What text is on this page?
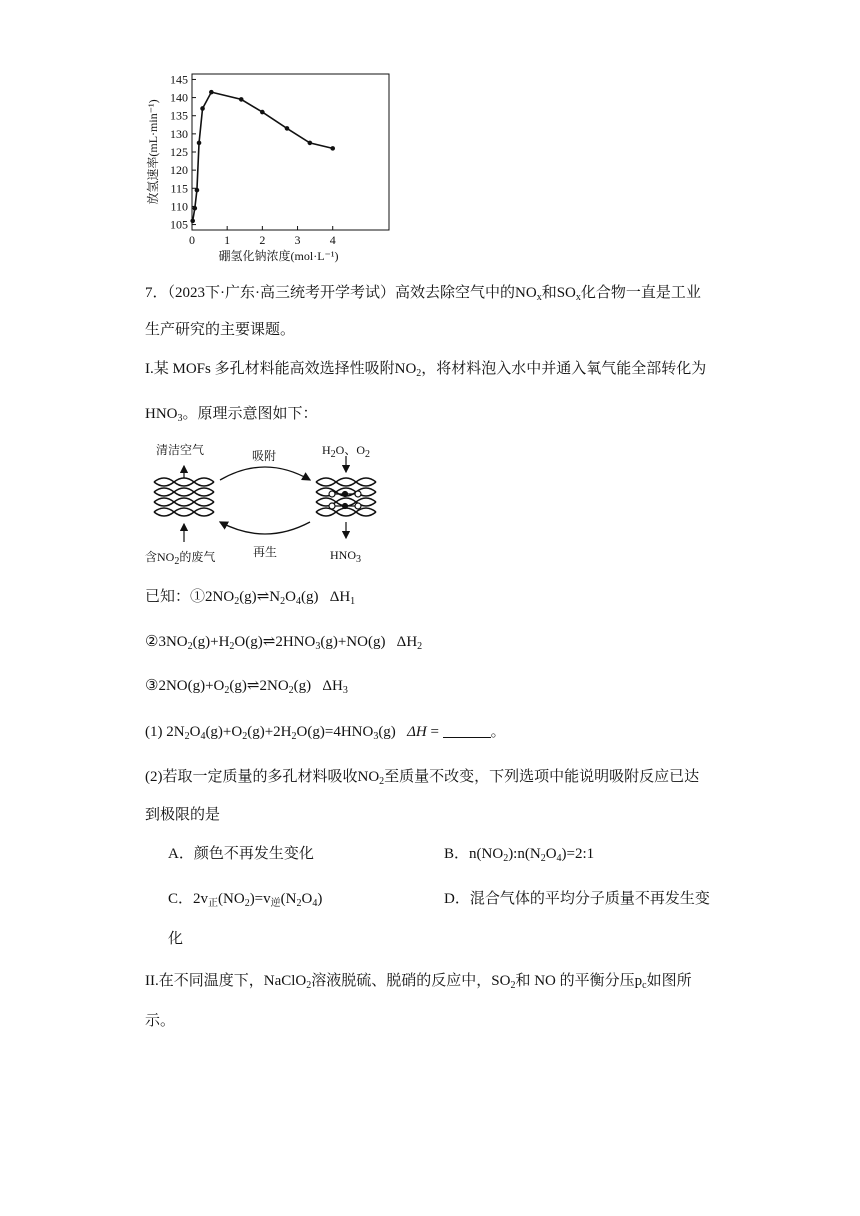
105
110
115
120
125
130
135
140
145
0 1 2 3 4
放氢速率(mL·min⁻¹)
硼氢化钠浓度(mol·L⁻¹)
7．（2023下·广东·高三统考开学考试）高效去除空气中的$NO_x$和$SO_x$化合物一直是工业
生产研究的主要课题。
I.某 MOFs 多孔材料能高效选择性吸附$NO_2$，将材料泡入水中并通入氧气能全部转化为
$HNO_3$。原理示意图如下：
清洁空气	吸附	$H_2O$、$O_2$
含$NO_2$的废气	再生	$HNO_3$
已知：$①2NO_2(g)\rightleftharpoons N_2O_4(g)$   $\Delta H_1$
$②3NO_2(g)+H_2O(g)\rightleftharpoons 2HNO_3(g)+NO(g)$   $\Delta H_2$
$③2NO(g)+O_2(g)\rightleftharpoons 2NO_2(g)$   $\Delta H_3$
(1) $2N_2O_4(g)+O_2(g)+2H_2O(g)=4HNO_3(g) \Delta H$ =	。
(2)若取一定质量的多孔材料吸收$NO_2$至质量不改变，下列选项中能说明吸附反应已达
到极限的是
A．颜色不再发生变化	B．$n(NO_2):n(N_2O_4)=2:1$
C．$2v_正(NO_2)=v_逆(N_2O_4)$	D．混合气体的平均分子质量不再发生变
化
II.在不同温度下，NaClO$_2$溶液脱硫、脱硝的反应中，$SO_2$和 NO 的平衡分压$p_c$如图所
示。
